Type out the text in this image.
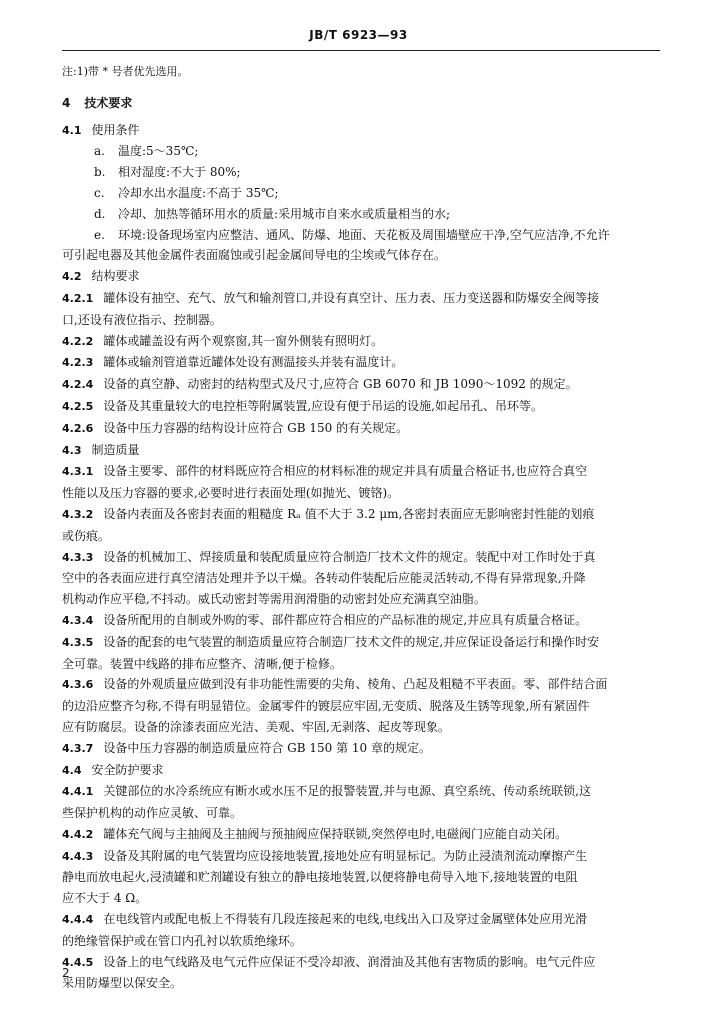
JB/T 6923—93
注:1)带 * 号者优先选用。
4 技术要求
4.1 使用条件
a. 温度:5～35℃;
b. 相对湿度:不大于 80%;
c. 冷却水出水温度:不高于 35℃;
d. 冷却、加热等循环用水的质量:采用城市自来水或质量相当的水;
e. 环境:设备现场室内应整洁、通风、防爆、地面、天花板及周围墙壁应干净,空气应洁净,不允许
可引起电器及其他金属件表面腐蚀或引起金属间导电的尘埃或气体存在。
4.2 结构要求
4.2.1 罐体设有抽空、充气、放气和输剂管口,并设有真空计、压力表、压力变送器和防爆安全阀等接
口,还设有液位指示、控制器。
4.2.2 罐体或罐盖设有两个观察窗,其一窗外侧装有照明灯。
4.2.3 罐体或输剂管道靠近罐体处设有测温接头并装有温度计。
4.2.4 设备的真空静、动密封的结构型式及尺寸,应符合 GB 6070 和 JB 1090～1092 的规定。
4.2.5 设备及其重量较大的电控柜等附属装置,应设有便于吊运的设施,如起吊孔、吊环等。
4.2.6 设备中压力容器的结构设计应符合 GB 150 的有关规定。
4.3 制造质量
4.3.1 设备主要零、部件的材料既应符合相应的材料标准的规定并具有质量合格证书,也应符合真空
性能以及压力容器的要求,必要时进行表面处理(如抛光、镀铬)。
4.3.2 设备内表面及各密封表面的粗糙度 Rₐ 值不大于 3.2 μm,各密封表面应无影响密封性能的划痕
或伤痕。
4.3.3 设备的机械加工、焊接质量和装配质量应符合制造厂技术文件的规定。装配中对工作时处于真
空中的各表面应进行真空清洁处理并予以干燥。各转动件装配后应能灵活转动,不得有异常现象,升降
机构动作应平稳,不抖动。威氏动密封等需用润滑脂的动密封处应充满真空油脂。
4.3.4 设备所配用的自制或外购的零、部件都应符合相应的产品标准的规定,并应具有质量合格证。
4.3.5 设备的配套的电气装置的制造质量应符合制造厂技术文件的规定,并应保证设备运行和操作时安
全可靠。装置中线路的排布应整齐、清晰,便于检修。
4.3.6 设备的外观质量应做到没有非功能性需要的尖角、棱角、凸起及粗糙不平表面。零、部件结合面
的边沿应整齐匀称,不得有明显错位。金属零件的镀层应牢固,无变质、脱落及生锈等现象,所有紧固件
应有防腐层。设备的涂漆表面应光洁、美观、牢固,无剥落、起皮等现象。
4.3.7 设备中压力容器的制造质量应符合 GB 150 第 10 章的规定。
4.4 安全防护要求
4.4.1 关键部位的水冷系统应有断水或水压不足的报警装置,并与电源、真空系统、传动系统联锁,这
些保护机构的动作应灵敏、可靠。
4.4.2 罐体充气阀与主抽阀及主抽阀与预抽阀应保持联锁,突然停电时,电磁阀门应能自动关闭。
4.4.3 设备及其附属的电气装置均应设接地装置,接地处应有明显标记。为防止浸渍剂流动摩擦产生
静电而放电起火,浸渍罐和贮剂罐设有独立的静电接地装置,以便将静电荷导入地下,接地装置的电阻
应不大于 4 Ω。
4.4.4 在电线管内或配电板上不得装有几段连接起来的电线,电线出入口及穿过金属壁体处应用光滑
的绝缘管保护或在管口内孔衬以软质绝缘环。
4.4.5 设备上的电气线路及电气元件应保证不受冷却液、润滑油及其他有害物质的影响。电气元件应
采用防爆型以保安全。
2
